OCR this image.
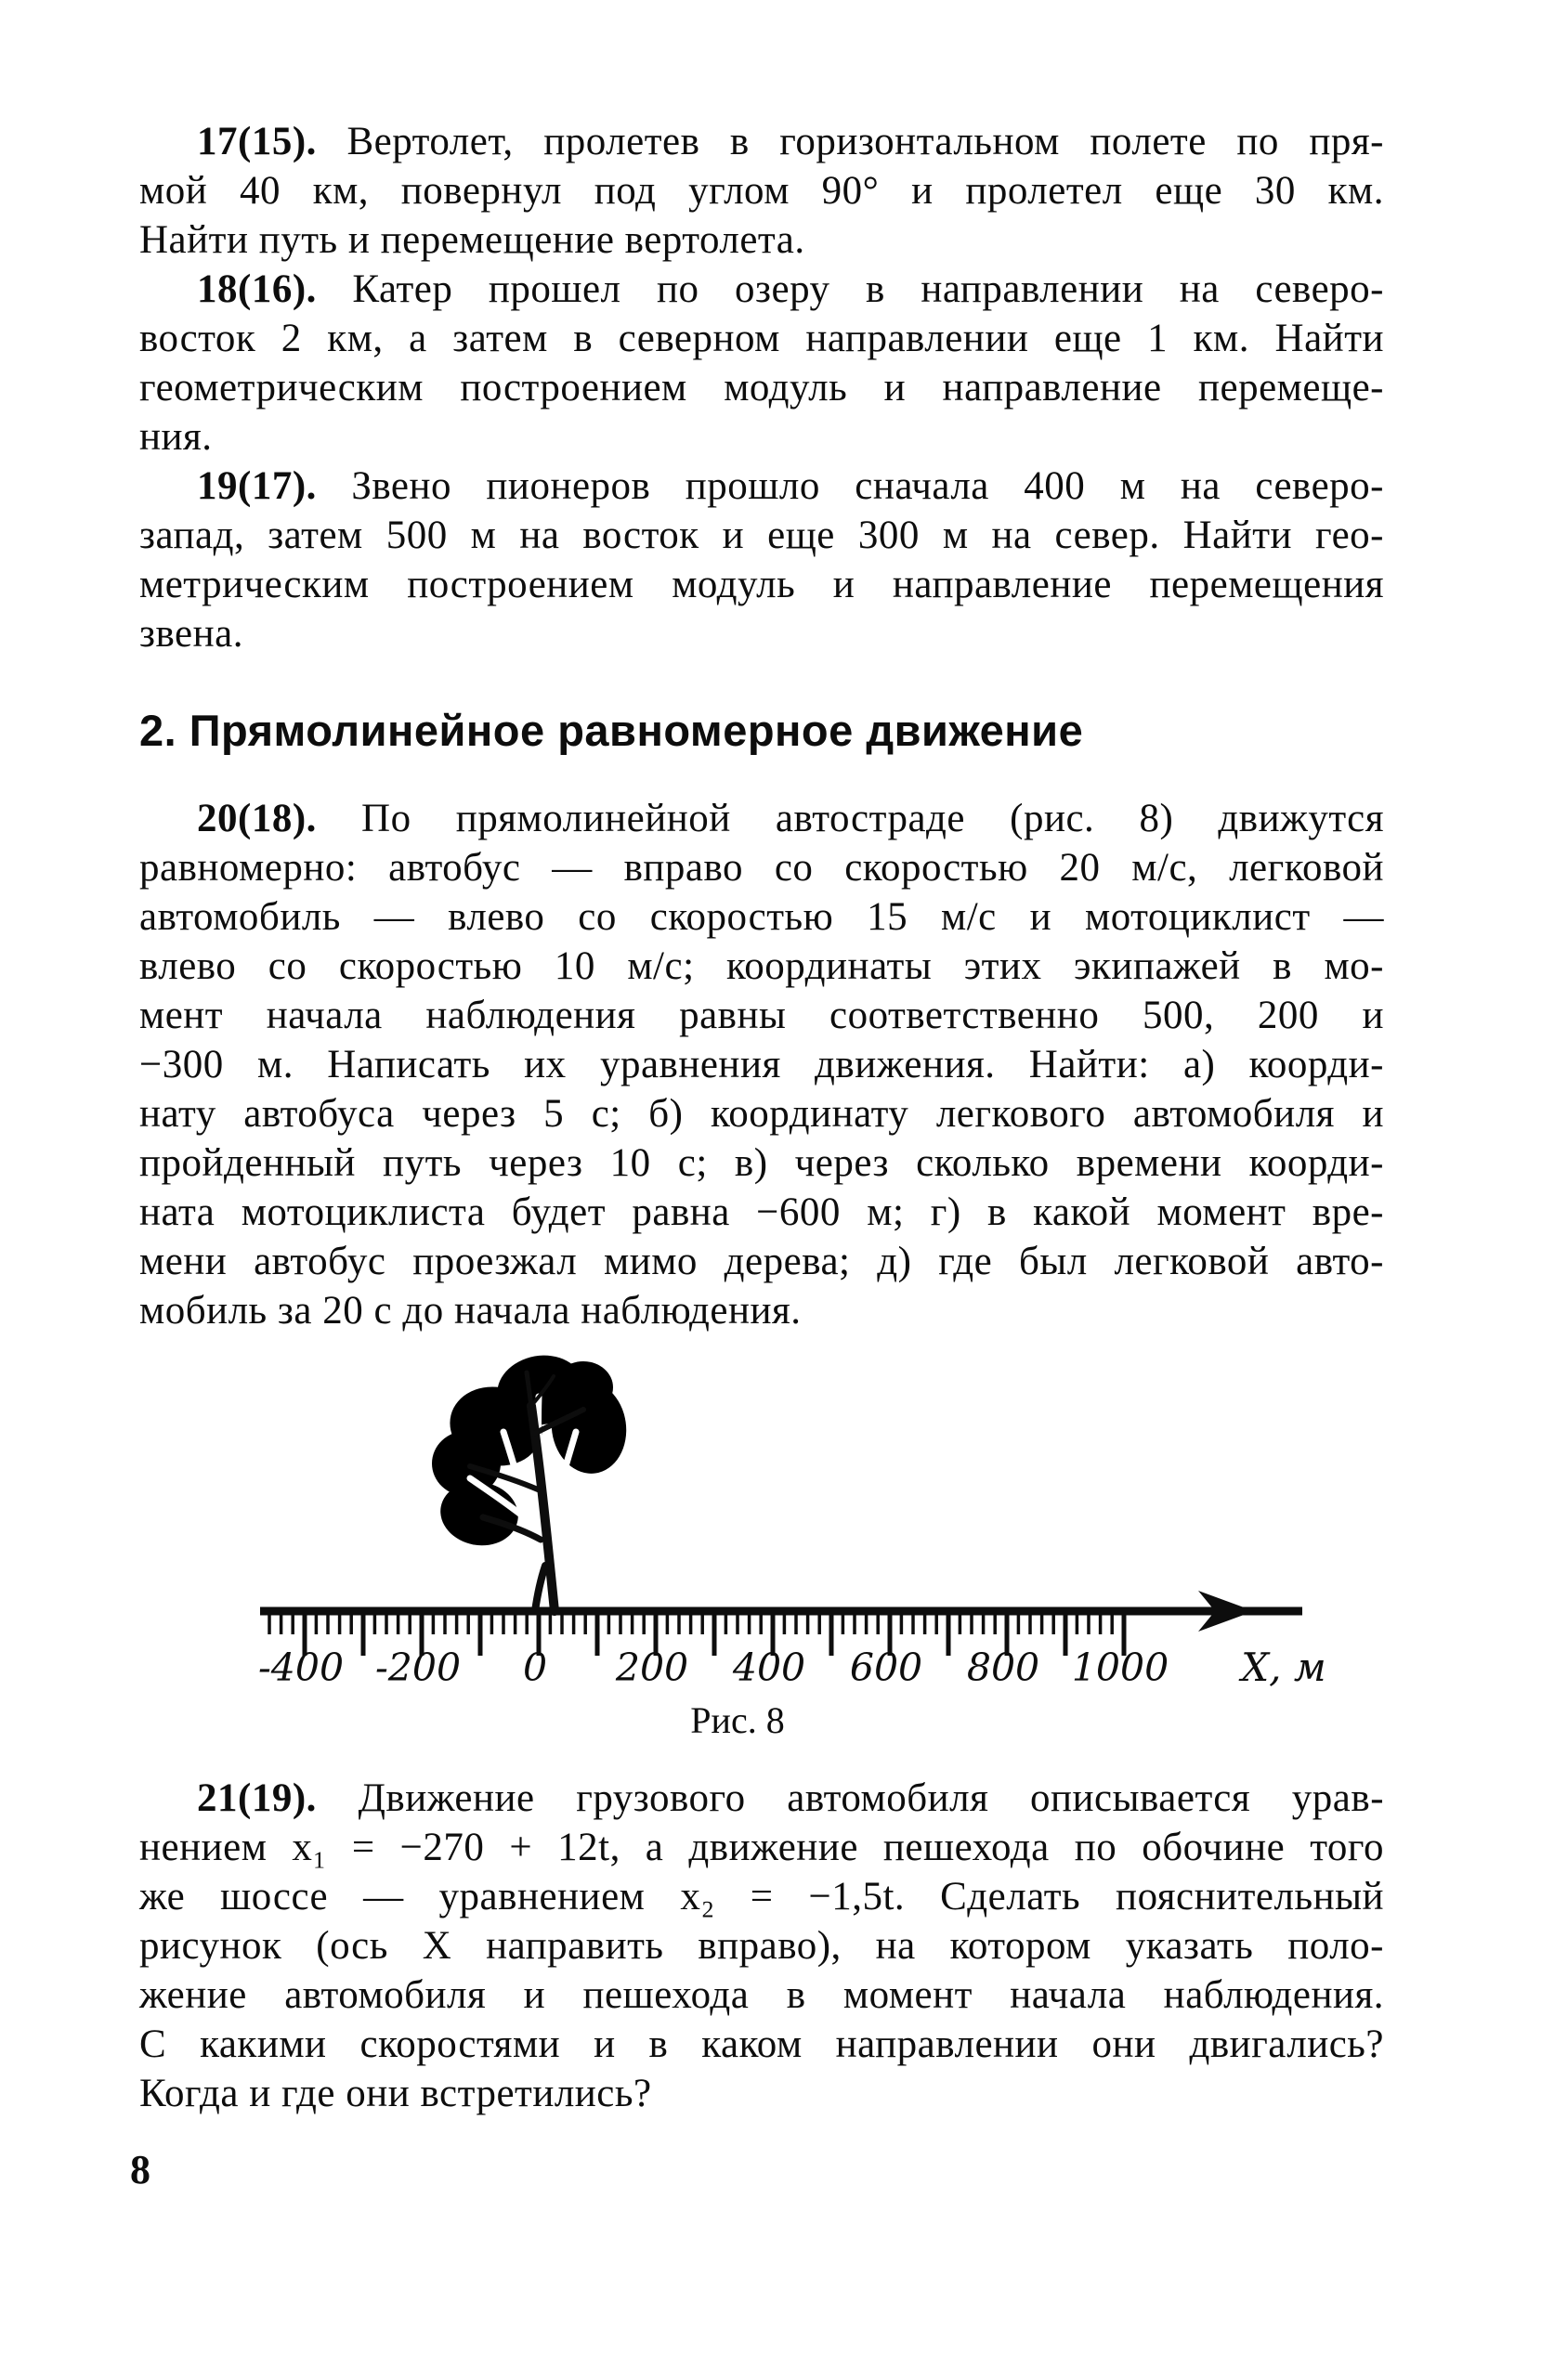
17(15). Вертолет, пролетев в горизонтальном полете по пря-
мой 40 км, повернул под углом 90° и пролетел еще 30 км.
Найти путь и перемещение вертолета.
18(16). Катер прошел по озеру в направлении на северо-
восток 2 км, а затем в северном направлении еще 1 км. Найти
геометрическим построением модуль и направление перемеще-
ния.
19(17). Звено пионеров прошло сначала 400 м на северо-
запад, затем 500 м на восток и еще 300 м на север. Найти гео-
метрическим построением модуль и направление перемещения
звена.
2. Прямолинейное равномерное движение
20(18). По прямолинейной автостраде (рис. 8) движутся
равномерно: автобус — вправо со скоростью 20 м/с, легковой
автомобиль — влево со скоростью 15 м/с и мотоциклист —
влево со скоростью 10 м/с; координаты этих экипажей в мо-
мент начала наблюдения равны соответственно 500, 200 и
−300 м. Написать их уравнения движения. Найти: а) коорди-
нату автобуса через 5 с; б) координату легкового автомобиля и
пройденный путь через 10 с; в) через сколько времени коорди-
ната мотоциклиста будет равна −600 м; г) в какой момент вре-
мени автобус проезжал мимо дерева; д) где был легковой авто-
мобиль за 20 с до начала наблюдения.
-400 -200 0 200 400 600 800 1000 X, м
Рис. 8
21(19). Движение грузового автомобиля описывается урав-
нением x₁ = −270 + 12t, а движение пешехода по обочине того
же шоссе — уравнением x₂ = −1,5t. Сделать пояснительный
рисунок (ось X направить вправо), на котором указать поло-
жение автомобиля и пешехода в момент начала наблюдения.
С какими скоростями и в каком направлении они двигались?
Когда и где они встретились?
8
